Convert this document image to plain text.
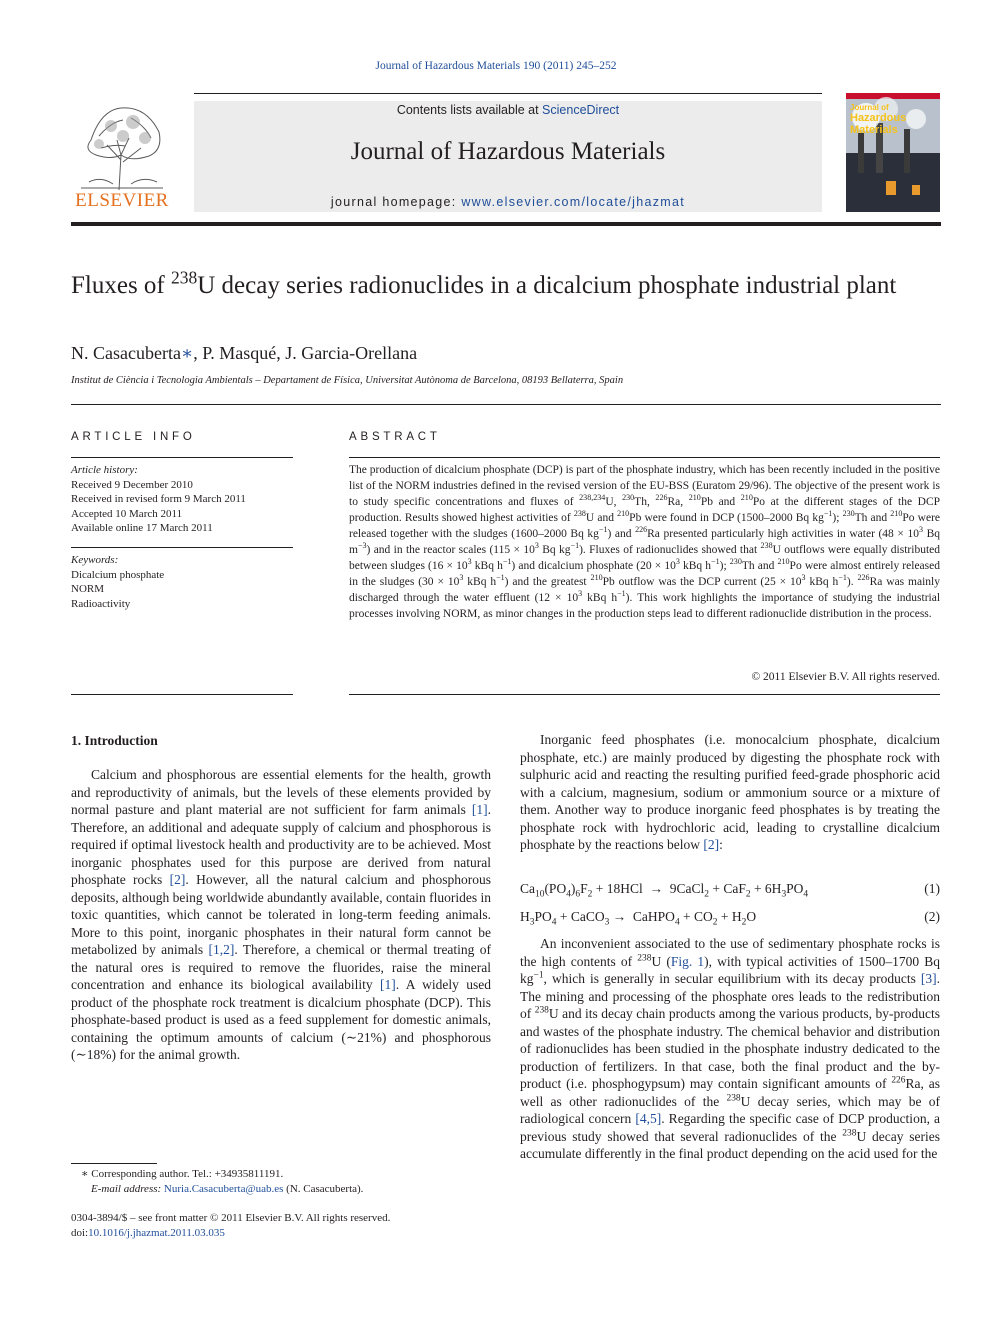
Journal of Hazardous Materials 190 (2011) 245–252
ELSEVIER
Contents lists available at ScienceDirect
Journal of Hazardous Materials
journal homepage: www.elsevier.com/locate/jhazmat
Journal of
Hazardous
Materials
Fluxes of $^{238}$U decay series radionuclides in a dicalcium phosphate industrial plant
N. Casacuberta∗, P. Masqué, J. Garcia-Orellana
Institut de Ciència i Tecnologia Ambientals – Departament de Física, Universitat Autònoma de Barcelona, 08193 Bellaterra, Spain
ARTICLE INFO
Article history:
Received 9 December 2010
Received in revised form 9 March 2011
Accepted 10 March 2011
Available online 17 March 2011
Keywords:
Dicalcium phosphate
NORM
Radioactivity
ABSTRACT
The production of dicalcium phosphate (DCP) is part of the phosphate industry, which has been recently included in the positive list of the NORM industries defined in the revised version of the EU-BSS (Euratom 29/96). The objective of the present work is to study specific concentrations and fluxes of $^{238,234}$U, $^{230}$Th, $^{226}$Ra, $^{210}$Pb and $^{210}$Po at the different stages of the DCP production. Results showed highest activities of $^{238}$U and $^{210}$Pb were found in DCP (1500–2000 Bq $kg^{-1}$); $^{230}$Th and $^{210}$Po were released together with the sludges (1600–2000 Bq $kg^{-1}$) and $^{226}$Ra presented particularly high activities in water ($48 \times 10^3$ Bq $m^{-3}$) and in the reactor scales ($115 \times 10^3$ Bq $kg^{-1}$). Fluxes of radionuclides showed that $^{238}$U outflows were equally distributed between sludges ($16 \times 10^3$ kBq $h^{-1}$) and dicalcium phosphate ($20 \times 10^3$ kBq $h^{-1}$); $^{230}$Th and $^{210}$Po were almost entirely released in the sludges ($30 \times 10^3$ kBq $h^{-1}$) and the greatest $^{210}$Pb outflow was the DCP current ($25 \times 10^3$ kBq $h^{-1}$). $^{226}$Ra was mainly discharged through the water effluent ($12 \times 10^3$ kBq $h^{-1}$). This work highlights the importance of studying the industrial processes involving NORM, as minor changes in the production steps lead to different radionuclide distribution in the process.
© 2011 Elsevier B.V. All rights reserved.
1. Introduction

Calcium and phosphorous are essential elements for the health, growth and reproductivity of animals, but the levels of these elements provided by normal pasture and plant material are not sufficient for farm animals [1]. Therefore, an additional and adequate supply of calcium and phosphorous is required if optimal livestock health and productivity are to be achieved. Most inorganic phosphates used for this purpose are derived from natural phosphate rocks [2]. However, all the natural calcium and phosphorous deposits, although being worldwide abundantly available, contain fluorides in toxic quantities, which cannot be tolerated in long-term feeding animals. More to this point, inorganic phosphates in their natural form cannot be metabolized by animals [1,2]. Therefore, a chemical or thermal treating of the natural ores is required to remove the fluorides, raise the mineral concentration and enhance its biological availability [1]. A widely used product of the phosphate rock treatment is dicalcium phosphate (DCP). This phosphate-based product is used as a feed supplement for domestic animals, containing the optimum amounts of calcium (∼21%) and phosphorous (∼18%) for the animal growth.

Inorganic feed phosphates (i.e. monocalcium phosphate, dicalcium phosphate, etc.) are mainly produced by digesting the phosphate rock with sulphuric acid and reacting the resulting purified feed-grade phosphoric acid with a calcium, magnesium, sodium or ammonium source or a mixture of them. Another way to produce inorganic feed phosphates is by treating the phosphate rock with hydrochloric acid, leading to crystalline dicalcium phosphate by the reactions below [2]:

$Ca_{10}(PO_4)_6F_2 + 18HCl$  →  9CaCl$_2$ + $CaF_2 + 6H_3PO_4$	(1)
$H_3PO_4$ + CaCO$_3$ →  CaHPO$_4$ + $CO_2 + H_2O$	(2)

An inconvenient associated to the use of sedimentary phosphate rocks is the high contents of $^{238}$U (Fig. 1), with typical activities of 1500–1700 Bq $kg^{-1}$, which is generally in secular equilibrium with its decay products [3]. The mining and processing of the phosphate ores leads to the redistribution of $^{238}$U and its decay chain products among the various products, by-products and wastes of the phosphate industry. The chemical behavior and distribution of radionuclides has been studied in the phosphate industry dedicated to the production of fertilizers. In that case, both the final product and the by-product (i.e. phosphogypsum) may contain significant amounts of $^{226}$Ra, as well as other radionuclides of the $^{238}$U decay series, which may be of radiological concern [4,5]. Regarding the specific case of DCP production, a previous study showed that several radionuclides of the $^{238}$U decay series accumulate differently in the final product depending on the acid used for the

∗ Corresponding author. Tel.: +34935811191.
E-mail address: Nuria.Casacuberta@uab.es (N. Casacuberta).
0304-3894/$ – see front matter © 2011 Elsevier B.V. All rights reserved.
doi:10.1016/j.jhazmat.2011.03.035
